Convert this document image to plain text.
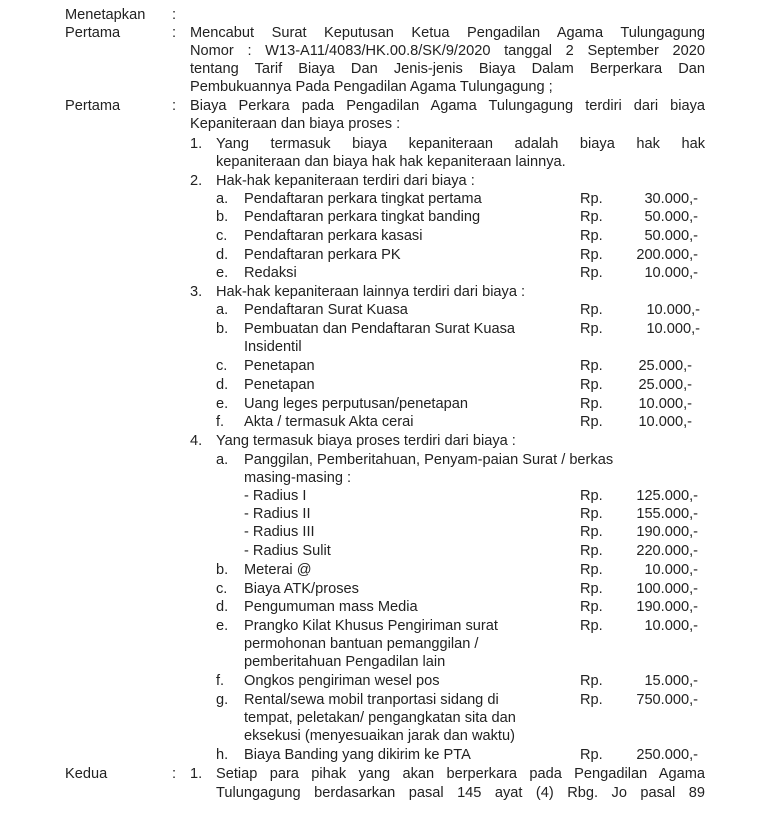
Menetapkan :
Pertama	: Mencabut Surat Keputusan Ketua Pengadilan Agama Tulungagung
Nomor : W13-A11/4083/HK.00.8/SK/9/2020 tanggal 2 September 2020
tentang Tarif Biaya Dan Jenis-jenis Biaya Dalam Berperkara Dan
Pembukuannya Pada Pengadilan Agama Tulungagung ;
Pertama	: Biaya Perkara pada Pengadilan Agama Tulungagung terdiri dari biaya
Kepaniteraan dan biaya proses :
1. Yang termasuk biaya kepaniteraan adalah biaya hak hak
kepaniteraan dan biaya hak hak kepaniteraan lainnya.
2. Hak-hak kepaniteraan terdiri dari biaya :
a. Pendaftaran perkara tingkat pertama	Rp.	30.000,-
b. Pendaftaran perkara tingkat banding	Rp.	50.000,-
c. Pendaftaran perkara kasasi	Rp.	50.000,-
d. Pendaftaran perkara PK	Rp. 200.000,-
e. Redaksi	Rp.	10.000,-
3. Hak-hak kepaniteraan lainnya terdiri dari biaya :
a. Pendaftaran Surat Kuasa	Rp.	10.000,-
b. Pembuatan dan Pendaftaran Surat Kuasa	Rp.	10.000,-
Insidentil
c. Penetapan	Rp. 25.000,-
d. Penetapan	Rp. 25.000,-
e. Uang leges perputusan/penetapan	Rp. 10.000,-
f. Akta / termasuk Akta cerai	Rp. 10.000,-
4. Yang termasuk biaya proses terdiri dari biaya :
a. Panggilan, Pemberitahuan, Penyam-paian Surat / berkas
masing-masing :
- Radius I	Rp. 125.000,-
- Radius II	Rp. 155.000,-
- Radius III	Rp. 190.000,-
- Radius Sulit	Rp. 220.000,-
b. Meterai @	Rp.	10.000,-
c. Biaya ATK/proses	Rp. 100.000,-
d. Pengumuman mass Media	Rp. 190.000,-
e. Prangko Kilat Khusus Pengiriman surat	Rp.	10.000,-
permohonan bantuan pemanggilan /
pemberitahuan Pengadilan lain
f. Ongkos pengiriman wesel pos	Rp.	15.000,-
g. Rental/sewa mobil tranportasi sidang di	Rp. 750.000,-
tempat, peletakan/ pengangkatan sita dan
eksekusi (menyesuaikan jarak dan waktu)
h. Biaya Banding yang dikirim ke PTA	Rp. 250.000,-
Kedua	: 1. Setiap para pihak yang akan berperkara pada Pengadilan Agama
Tulungagung berdasarkan pasal 145 ayat (4) Rbg. Jo pasal 89
